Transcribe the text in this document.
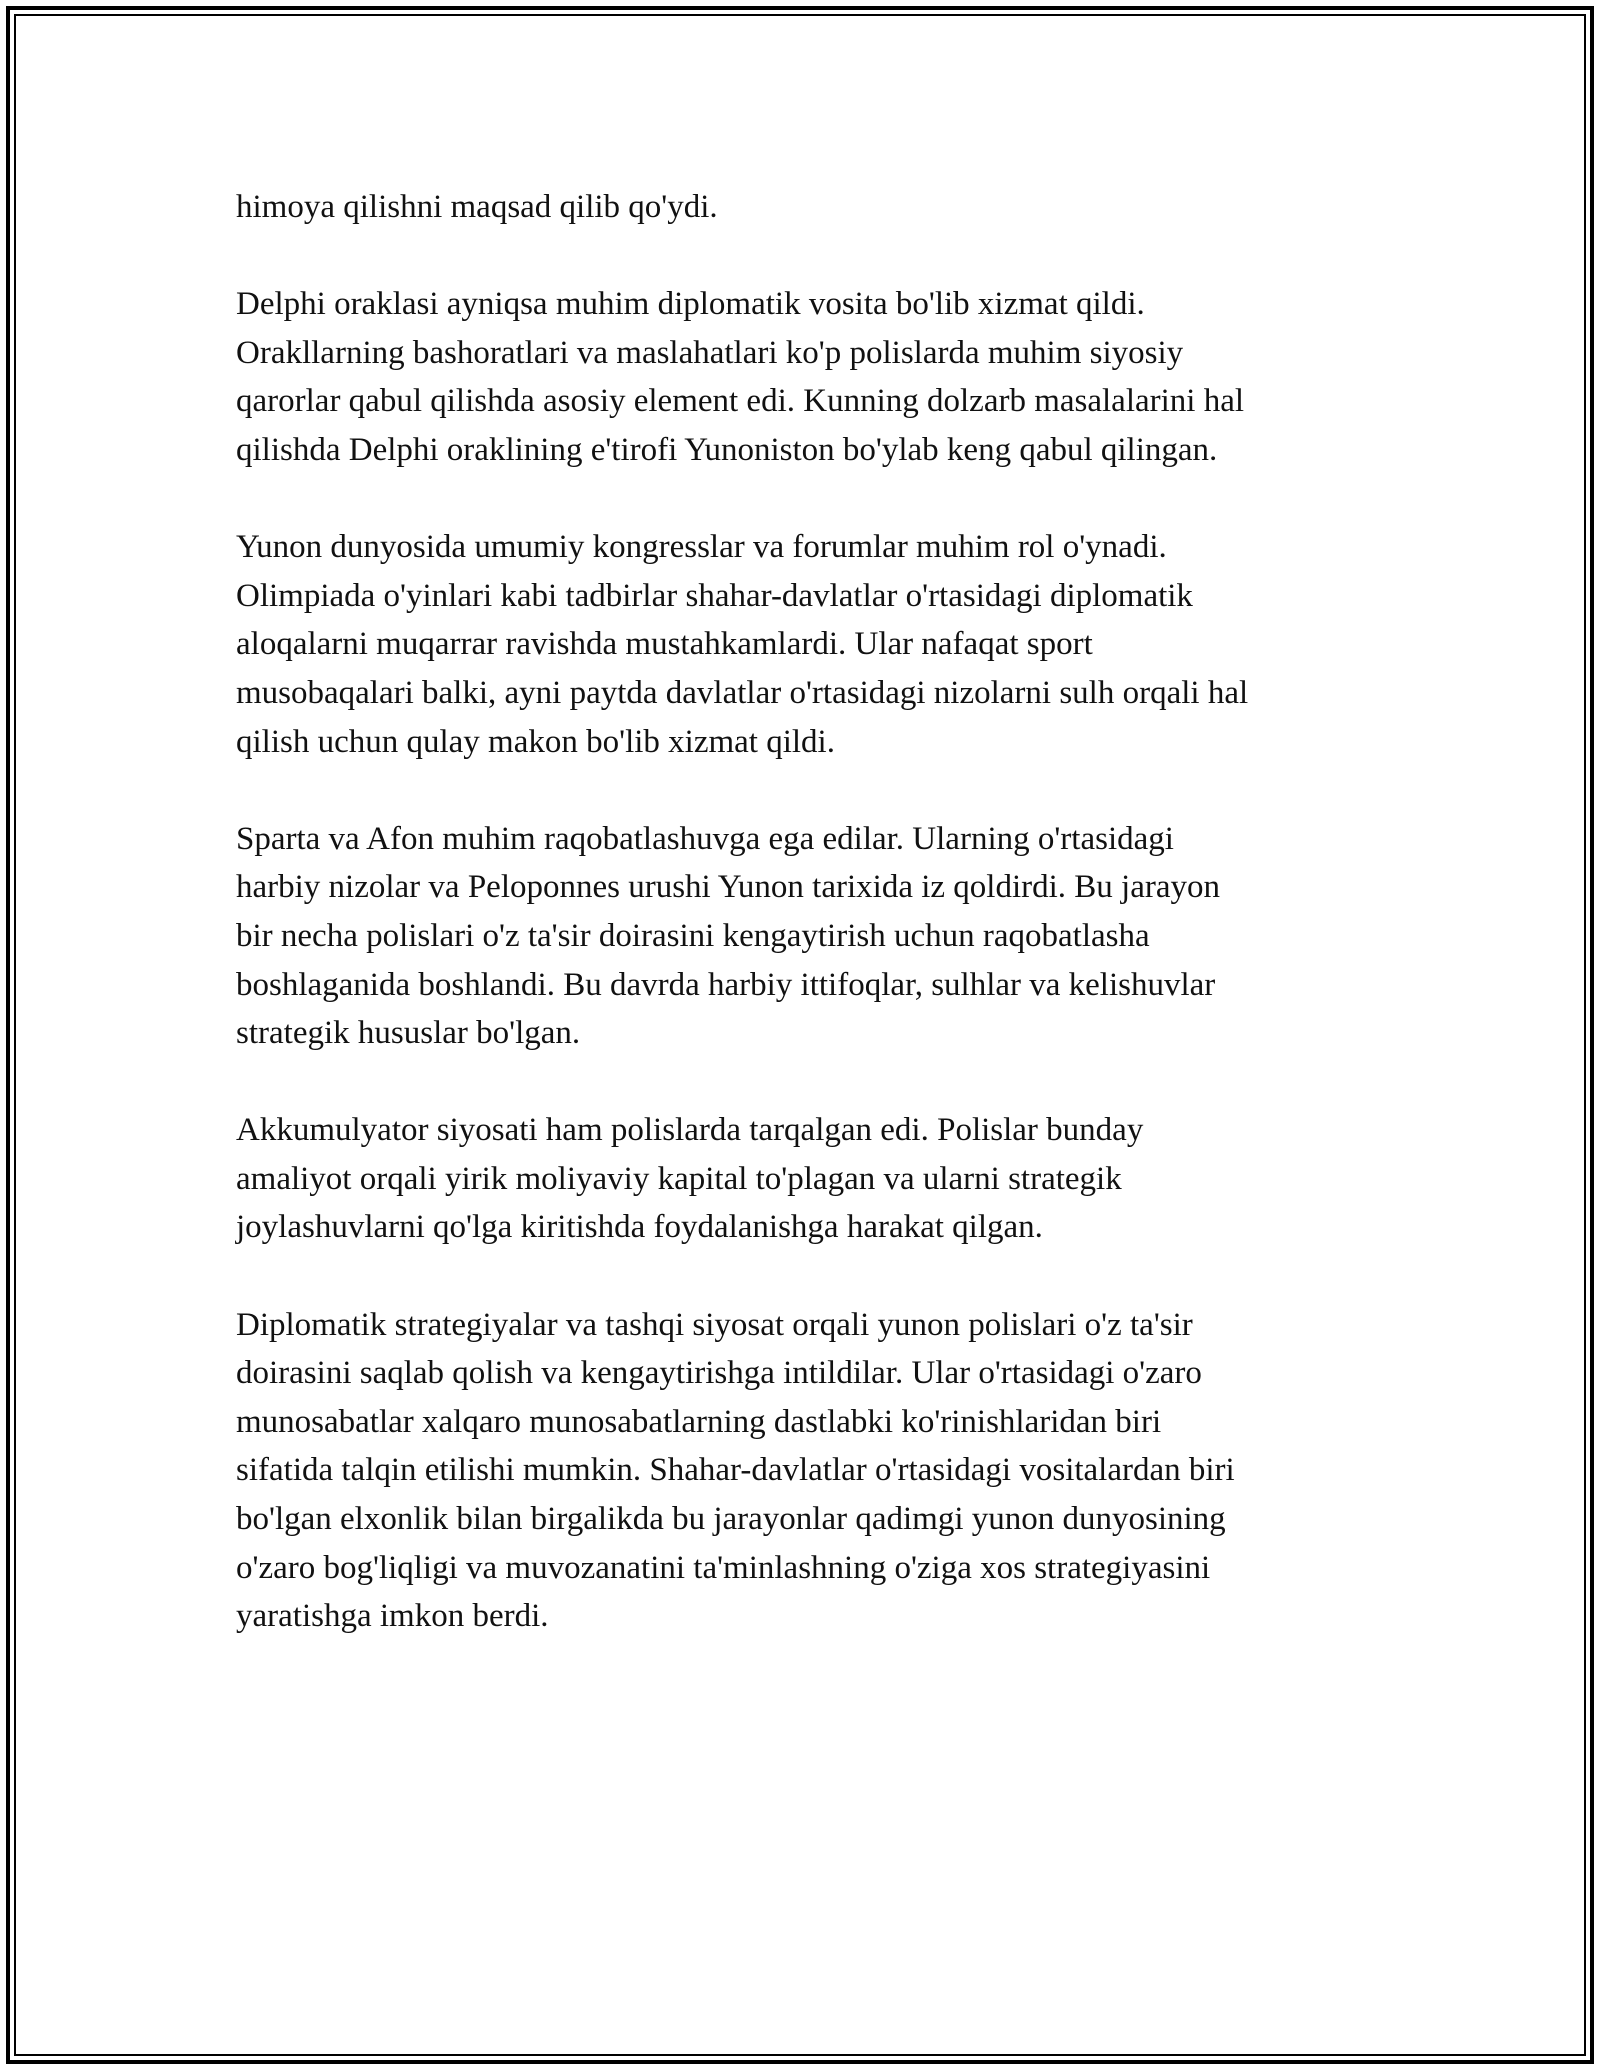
himoya qilishni maqsad qilib qo'ydi.

Delphi oraklasi ayniqsa muhim diplomatik vosita bo'lib xizmat qildi.
Orakllarning bashoratlari va maslahatlari ko'p polislarda muhim siyosiy
qarorlar qabul qilishda asosiy element edi. Kunning dolzarb masalalarini hal
qilishda Delphi oraklining e'tirofi Yunoniston bo'ylab keng qabul qilingan.

Yunon dunyosida umumiy kongresslar va forumlar muhim rol o'ynadi.
Olimpiada o'yinlari kabi tadbirlar shahar-davlatlar o'rtasidagi diplomatik
aloqalarni muqarrar ravishda mustahkamlardi. Ular nafaqat sport
musobaqalari balki, ayni paytda davlatlar o'rtasidagi nizolarni sulh orqali hal
qilish uchun qulay makon bo'lib xizmat qildi.

Sparta va Afon muhim raqobatlashuvga ega edilar. Ularning o'rtasidagi
harbiy nizolar va Peloponnes urushi Yunon tarixida iz qoldirdi. Bu jarayon
bir necha polislari o'z ta'sir doirasini kengaytirish uchun raqobatlasha
boshlaganida boshlandi. Bu davrda harbiy ittifoqlar, sulhlar va kelishuvlar
strategik hususlar bo'lgan.

Akkumulyator siyosati ham polislarda tarqalgan edi. Polislar bunday
amaliyot orqali yirik moliyaviy kapital to'plagan va ularni strategik
joylashuvlarni qo'lga kiritishda foydalanishga harakat qilgan.

Diplomatik strategiyalar va tashqi siyosat orqali yunon polislari o'z ta'sir
doirasini saqlab qolish va kengaytirishga intildilar. Ular o'rtasidagi o'zaro
munosabatlar xalqaro munosabatlarning dastlabki ko'rinishlaridan biri
sifatida talqin etilishi mumkin. Shahar-davlatlar o'rtasidagi vositalardan biri
bo'lgan elxonlik bilan birgalikda bu jarayonlar qadimgi yunon dunyosining
o'zaro bog'liqligi va muvozanatini ta'minlashning o'ziga xos strategiyasini
yaratishga imkon berdi.
